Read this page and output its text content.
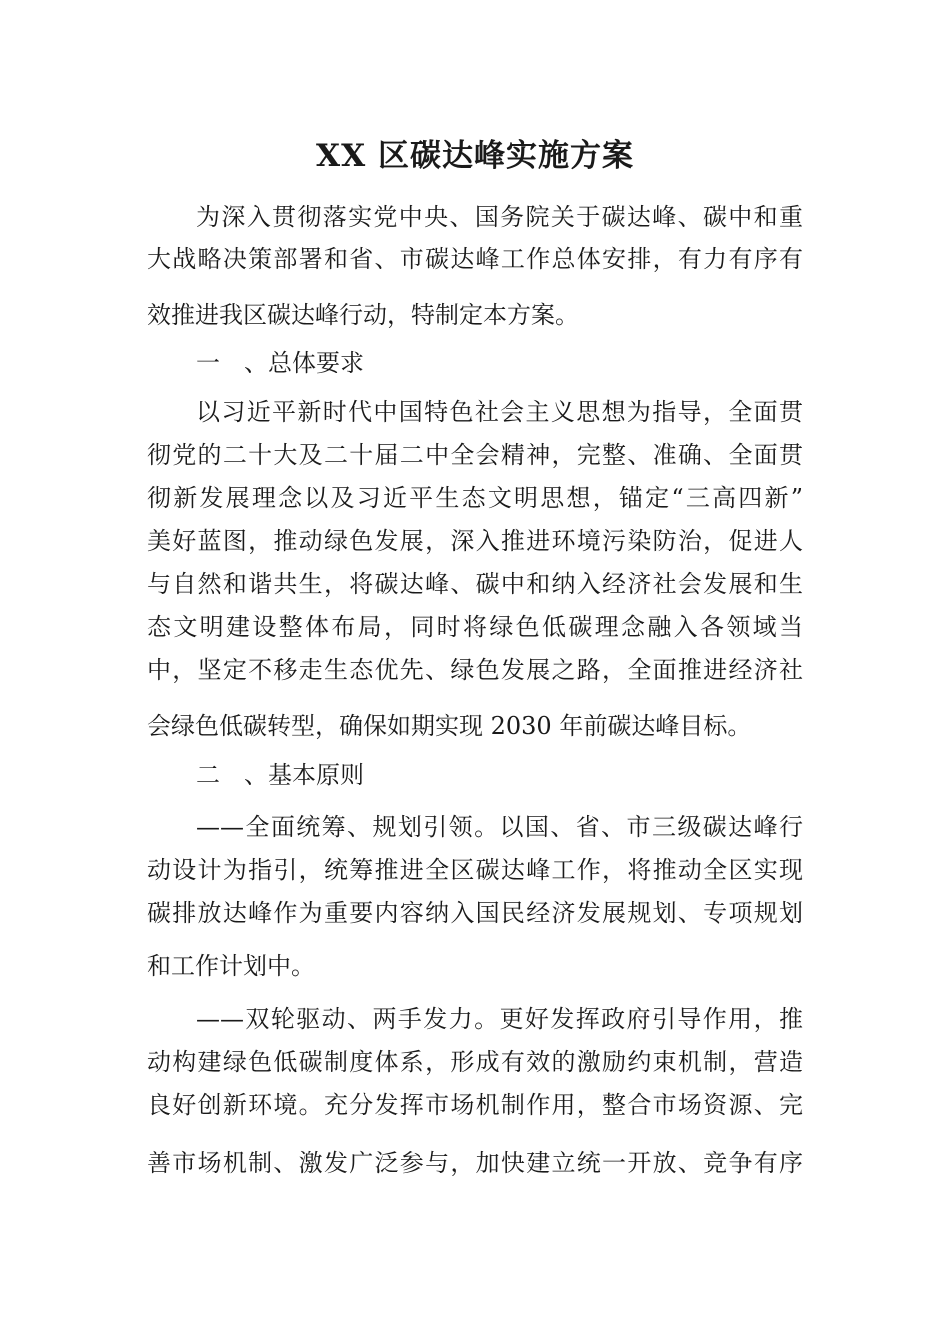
XX 区碳达峰实施方案

为深入贯彻落实党中央、国务院关于碳达峰、碳中和重

大战略决策部署和省、市碳达峰工作总体安排，有力有序有

效推进我区碳达峰行动，特制定本方案。

一　、总体要求

以习近平新时代中国特色社会主义思想为指导，全面贯

彻党的二十大及二十届二中全会精神，完整、准确、全面贯

彻新发展理念以及习近平生态文明思想，锚定“三高四新”

美好蓝图，推动绿色发展，深入推进环境污染防治，促进人

与自然和谐共生，将碳达峰、碳中和纳入经济社会发展和生

态文明建设整体布局，同时将绿色低碳理念融入各领域当

中，坚定不移走生态优先、绿色发展之路，全面推进经济社

会绿色低碳转型，确保如期实现 2030 年前碳达峰目标。

二　、基本原则

——全面统筹、规划引领。以国、省、市三级碳达峰行

动设计为指引，统筹推进全区碳达峰工作，将推动全区实现

碳排放达峰作为重要内容纳入国民经济发展规划、专项规划

和工作计划中。

——双轮驱动、两手发力。更好发挥政府引导作用，推

动构建绿色低碳制度体系，形成有效的激励约束机制，营造

良好创新环境。充分发挥市场机制作用，整合市场资源、完

善市场机制、激发广泛参与，加快建立统一开放、竞争有序
